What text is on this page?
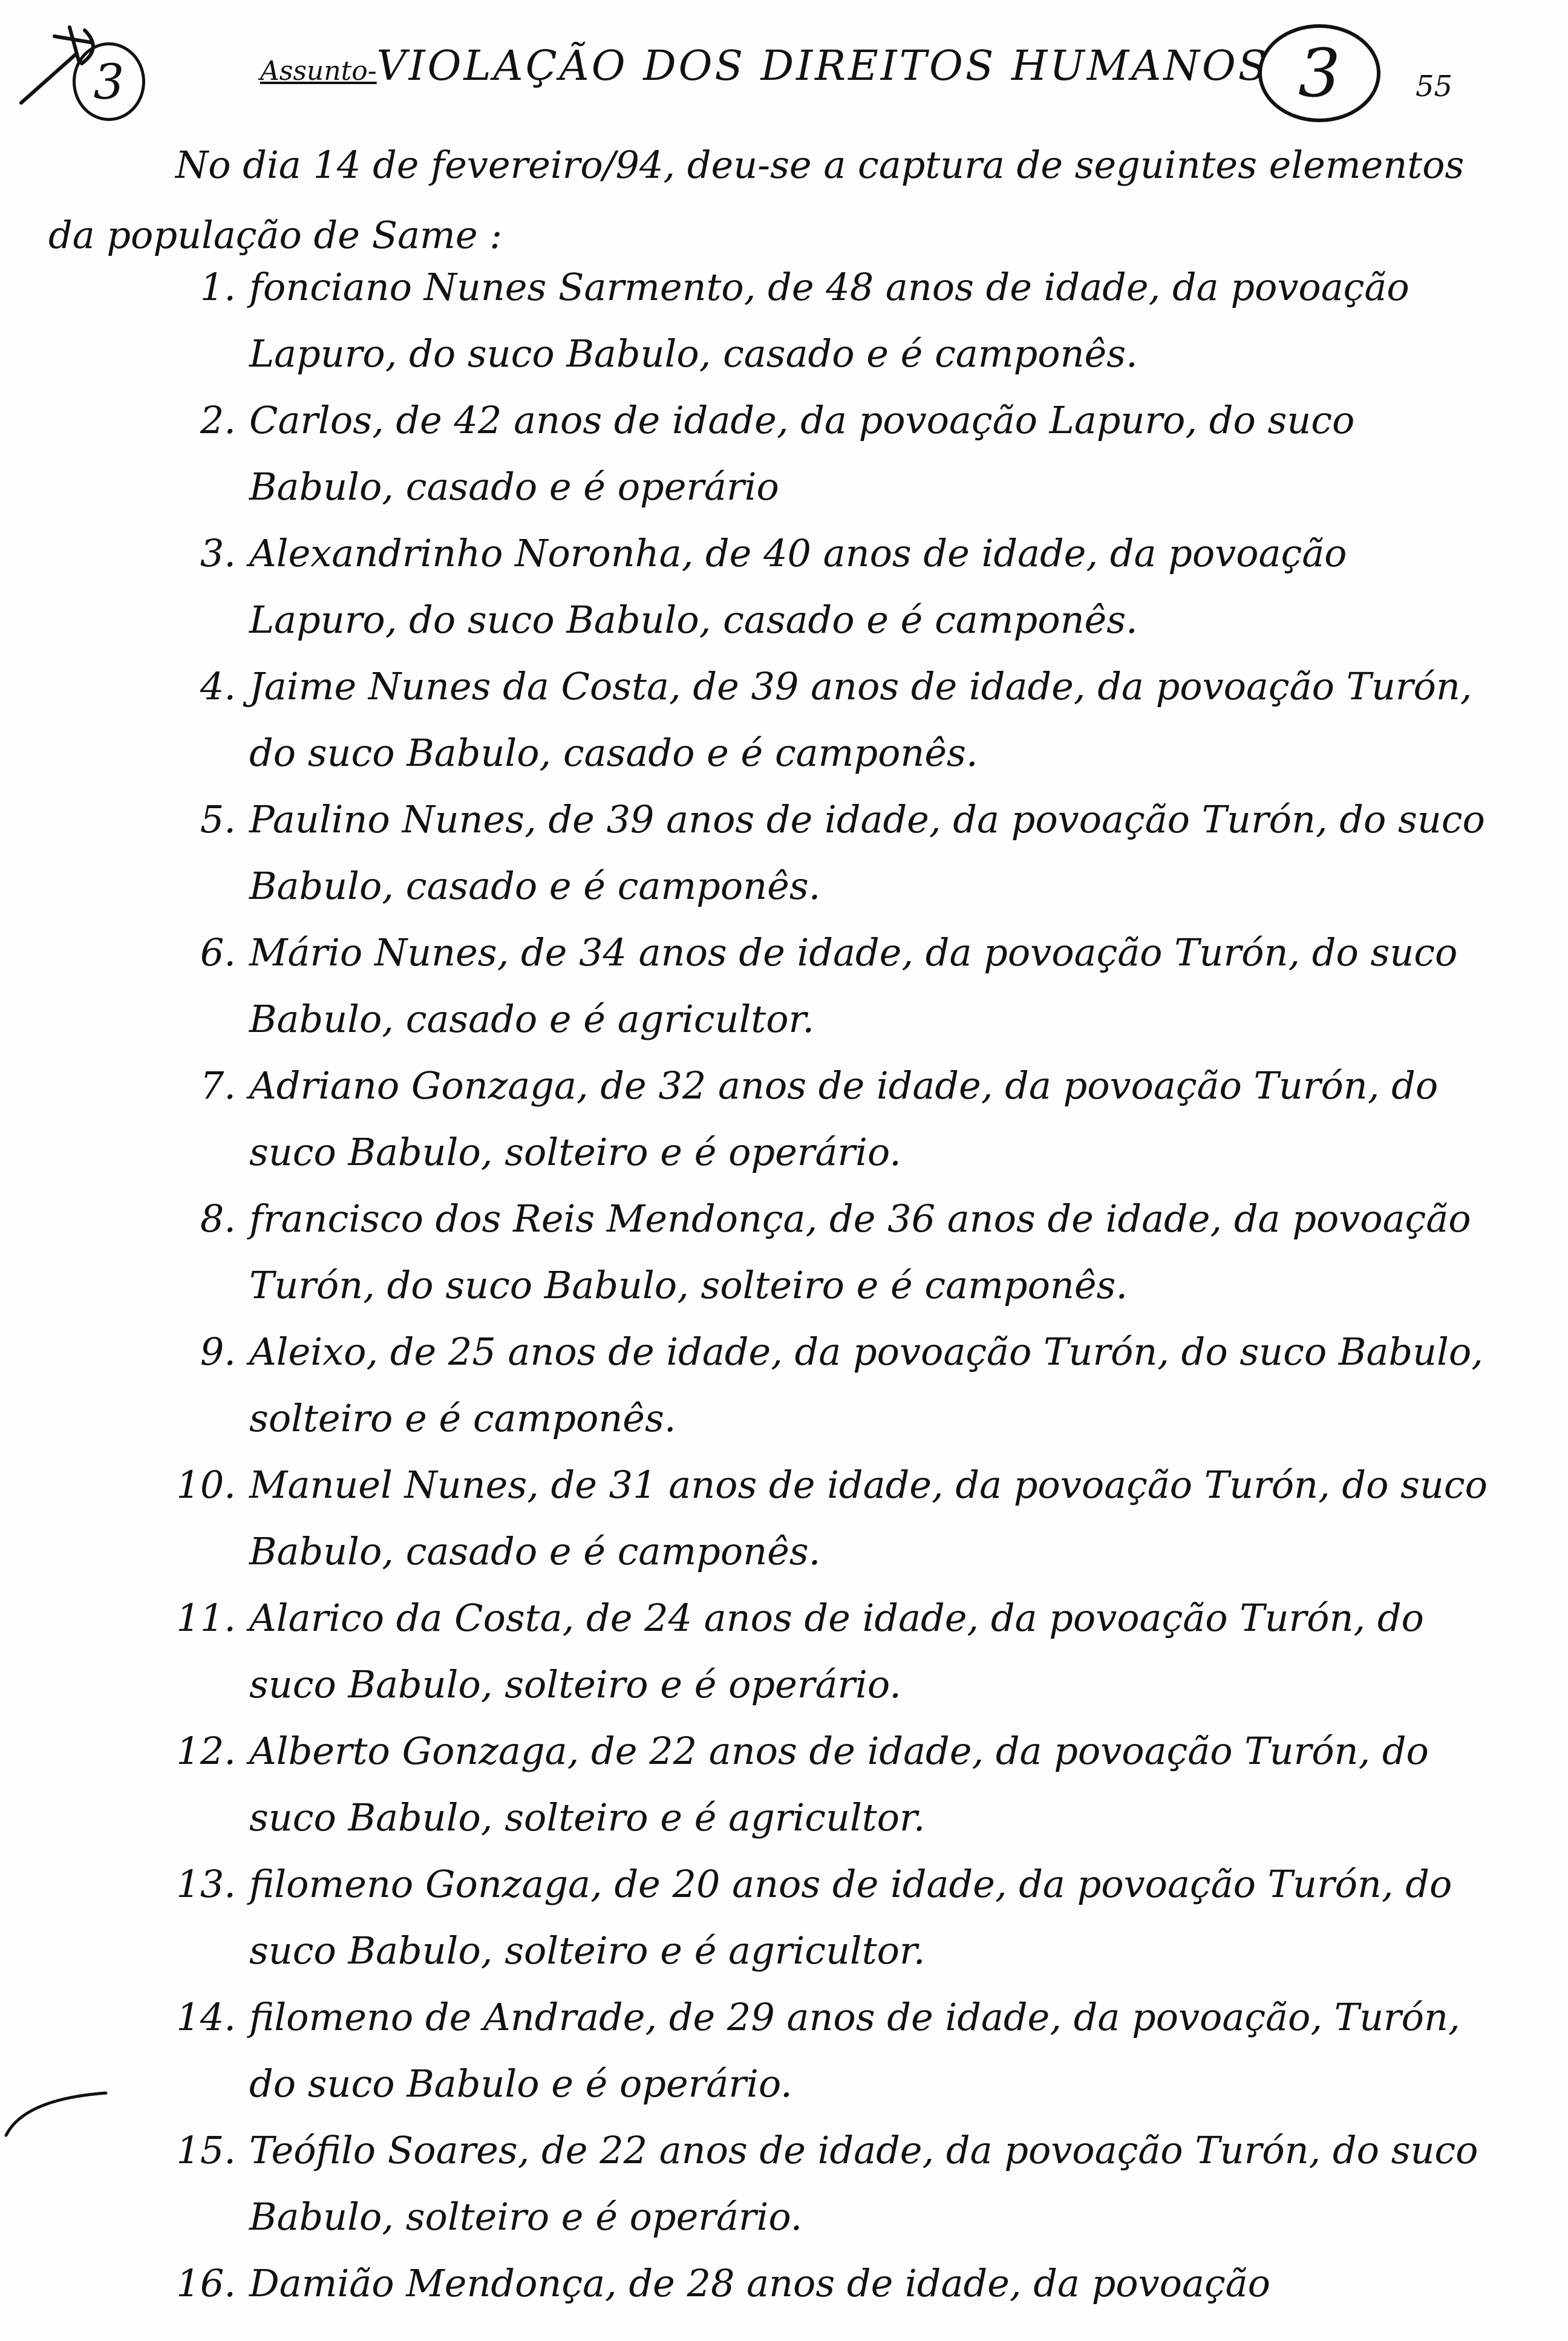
3	Assunto-VIOLAÇÃO DOS DIREITOS HUMANOS 3	55

No dia 14 de fevereiro/94, deu-se a captura de seguintes elementos da população de Same :

1. fonciano Nunes Sarmento, de 48 anos de idade, da povoação Lapuro, do suco Babulo, casado e é camponês.
2. Carlos, de 42 anos de idade, da povoação Lapuro, do suco Babulo, casado e é operário
3. Alexandrinho Noronha, de 40 anos de idade, da povoação Lapuro, do suco Babulo, casado e é camponês.
4. Jaime Nunes da Costa, de 39 anos de idade, da povoação Turón, do suco Babulo, casado e é camponês.
5. Paulino Nunes, de 39 anos de idade, da povoação Turón, do suco Babulo, casado e é camponês.
6. Mário Nunes, de 34 anos de idade, da povoação Turón, do suco Babulo, casado e é agricultor.
7. Adriano Gonzaga, de 32 anos de idade, da povoação Turón, do suco Babulo, solteiro e é operário.
8. francisco dos Reis Mendonça, de 36 anos de idade, da povoação Turón, do suco Babulo, solteiro e é camponês.
9. Aleixo, de 25 anos de idade, da povoação Turón, do suco Babulo, solteiro e é camponês.
10. Manuel Nunes, de 31 anos de idade, da povoação Turón, do suco Babulo, casado e é camponês.
11. Alarico da Costa, de 24 anos de idade, da povoação Turón, do suco Babulo, solteiro e é operário.
12. Alberto Gonzaga, de 22 anos de idade, da povoação Turón, do suco Babulo, solteiro e é agricultor.
13. filomeno Gonzaga, de 20 anos de idade, da povoação Turón, do suco Babulo, solteiro e é agricultor.
14. filomeno de Andrade, de 29 anos de idade, da povoação, Turón, do suco Babulo e é operário.
15. Teófilo Soares, de 22 anos de idade, da povoação Turón, do suco Babulo, solteiro e é operário.
16. Damião Mendonça, de 28 anos de idade, da povoação
